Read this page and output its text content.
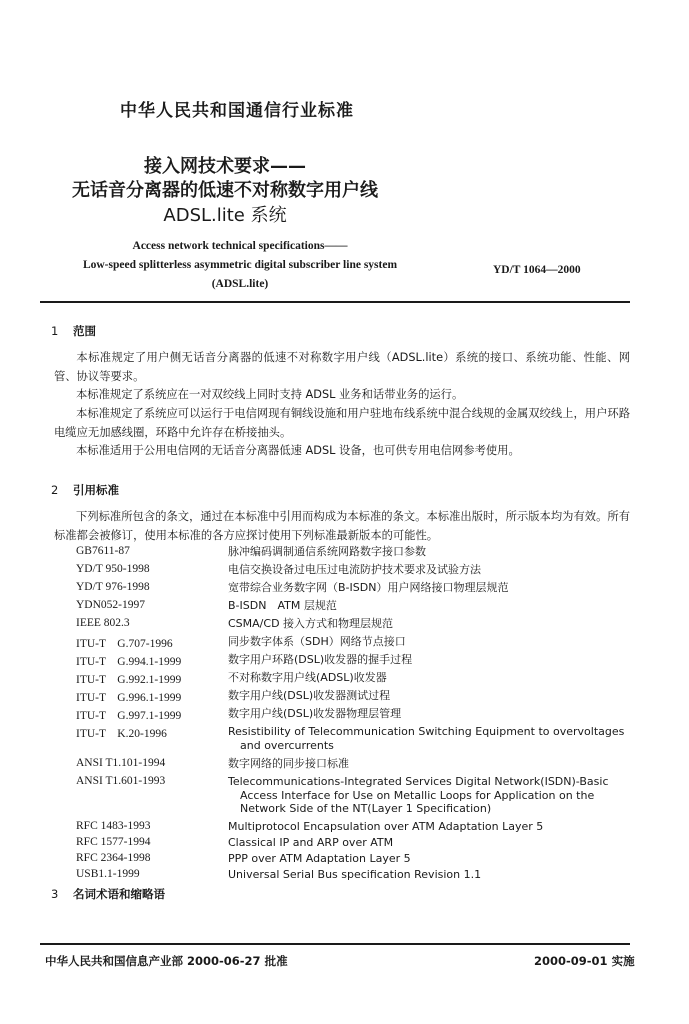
中华人民共和国通信行业标准
接入网技术要求——
无话音分离器的低速不对称数字用户线
ADSL.lite 系统
Access network technical specifications——
Low-speed splitterless asymmetric digital subscriber line system
(ADSL.lite)
YD/T 1064—2000
1 范围
本标准规定了用户侧无话音分离器的低速不对称数字用户线（ADSL.lite）系统的接口、系统功能、性能、网管、协议等要求。
本标准规定了系统应在一对双绞线上同时支持 ADSL 业务和话带业务的运行。
本标准规定了系统应可以运行于电信网现有铜线设施和用户驻地布线系统中混合线规的金属双绞线上，用户环路电缆应无加感线圈，环路中允许存在桥接抽头。
本标准适用于公用电信网的无话音分离器低速 ADSL 设备，也可供专用电信网参考使用。
2 引用标准
下列标准所包含的条文，通过在本标准中引用而构成为本标准的条文。本标准出版时，所示版本均为有效。所有标准都会被修订，使用本标准的各方应探讨使用下列标准最新版本的可能性。
GB7611-87	脉冲编码调制通信系统网路数字接口参数
YD/T 950-1998	电信交换设备过电压过电流防护技术要求及试验方法
YD/T 976-1998	宽带综合业务数字网（B-ISDN）用户网络接口物理层规范
YDN052-1997	B-ISDN　ATM 层规范
IEEE 802.3	CSMA/CD 接入方式和物理层规范
ITU-T　G.707-1996	同步数字体系（SDH）网络节点接口
ITU-T　G.994.1-1999	数字用户环路(DSL)收发器的握手过程
ITU-T　G.992.1-1999	不对称数字用户线(ADSL)收发器
ITU-T　G.996.1-1999	数字用户线(DSL)收发器测试过程
ITU-T　G.997.1-1999	数字用户线(DSL)收发器物理层管理
ITU-T　K.20-1996	Resistibility of Telecommunication Switching Equipment to overvoltages
and overcurrents
ANSI T1.101-1994	数字网络的同步接口标准
ANSI T1.601-1993	Telecommunications-Integrated Services Digital Network(ISDN)-Basic
Access Interface for Use on Metallic Loops for Application on the
Network Side of the NT(Layer 1 Specification)
RFC 1483-1993	Multiprotocol Encapsulation over ATM Adaptation Layer 5
RFC 1577-1994	Classical IP and ARP over ATM
RFC 2364-1998	PPP over ATM Adaptation Layer 5
USB1.1-1999	Universal Serial Bus specification Revision 1.1
3 名词术语和缩略语
中华人民共和国信息产业部 2000-06-27 批准	2000-09-01 实施
